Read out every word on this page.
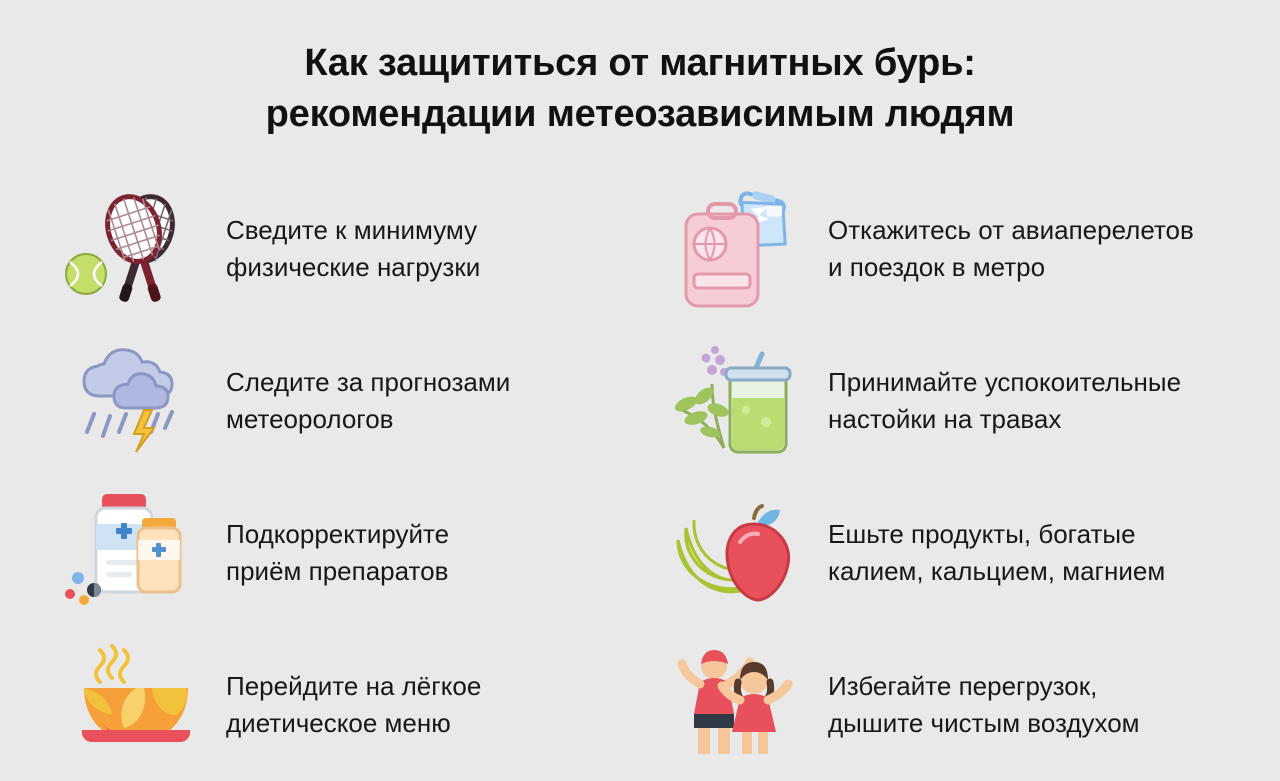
Как защититься от магнитных бурь:
рекомендации метеозависимым людям
Сведите к минимуму
физические нагрузки
Откажитесь от авиаперелетов
и поездок в метро
Следите за прогнозами
метеорологов
Принимайте успокоительные
настойки на травах
Подкорректируйте
приём препаратов
Ешьте продукты, богатые
калием, кальцием, магнием
Перейдите на лёгкое
диетическое меню
Избегайте перегрузок,
дышите чистым воздухом
